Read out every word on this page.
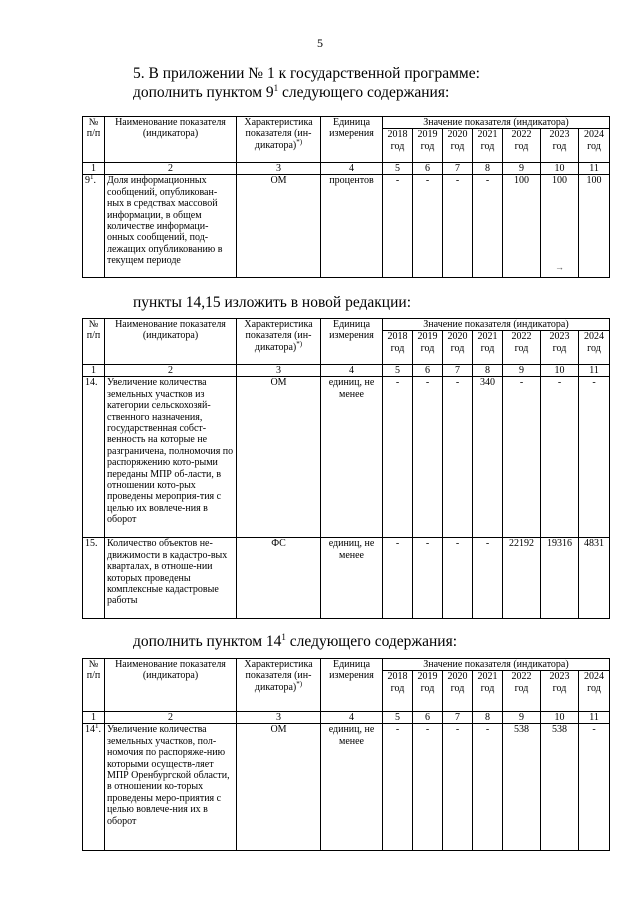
5
5. В приложении № 1 к государственной программе:
дополнить пунктом $9^1$ следующего содержания:
№ п/п	Наименование показателя (индикатора)	Характеристика показателя (ин-дикатора)*)	Единица измерения	Значение показателя (индикатора)						
				2018 год	2019 год	2020 год	2021 год	2022 год	2023 год	2024 год
1	2	3	4	5	6	7	8	9	10	11
$9^1$.	Доля информационных сообщений, опубликован-ных в средствах массовой информации, в общем количестве информаци-онных сообщений, под-лежащих опубликованию в текущем периоде	ОМ	процентов	-	-	-	-	100	100	100
→
пункты 14,15 изложить в новой редакции:
№ п/п	Наименование показателя (индикатора)	Характеристика показателя (ин-дикатора)*)	Единица измерения	Значение показателя (индикатора)						
				2018 год	2019 год	2020 год	2021 год	2022 год	2023 год	2024 год
1	2	3	4	5	6	7	8	9	10	11
14.	Увеличение количества земельных участков из категории сельскохозяй-ственного назначения, государственная собст-венность на которые не разграничена, полномочия по распоряжению кото-рыми переданы МПР об-ласти, в отношении кото-рых проведены мероприя-тия с целью их вовлече-ния в оборот	ОМ	единиц, не менее	-	-	-	340	-	-	-
15.	Количество объектов не-движимости в кадастро-вых кварталах, в отноше-нии которых проведены комплексные кадастровые работы	ФС	единиц, не менее	-	-	-	-	22192	19316	4831
дополнить пунктом $14^1$ следующего содержания:
№ п/п	Наименование показателя (индикатора)	Характеристика показателя (ин-дикатора)*)	Единица измерения	Значение показателя (индикатора)						
				2018 год	2019 год	2020 год	2021 год	2022 год	2023 год	2024 год
1	2	3	4	5	6	7	8	9	10	11
$14^1$.	Увеличение количества земельных участков, пол-номочия по распоряже-нию которыми осуществ-ляет МПР Оренбургской области, в отношении ко-торых проведены меро-приятия с целью вовлече-ния их в оборот	ОМ	единиц, не менее	-	-	-	-	538	538	-
